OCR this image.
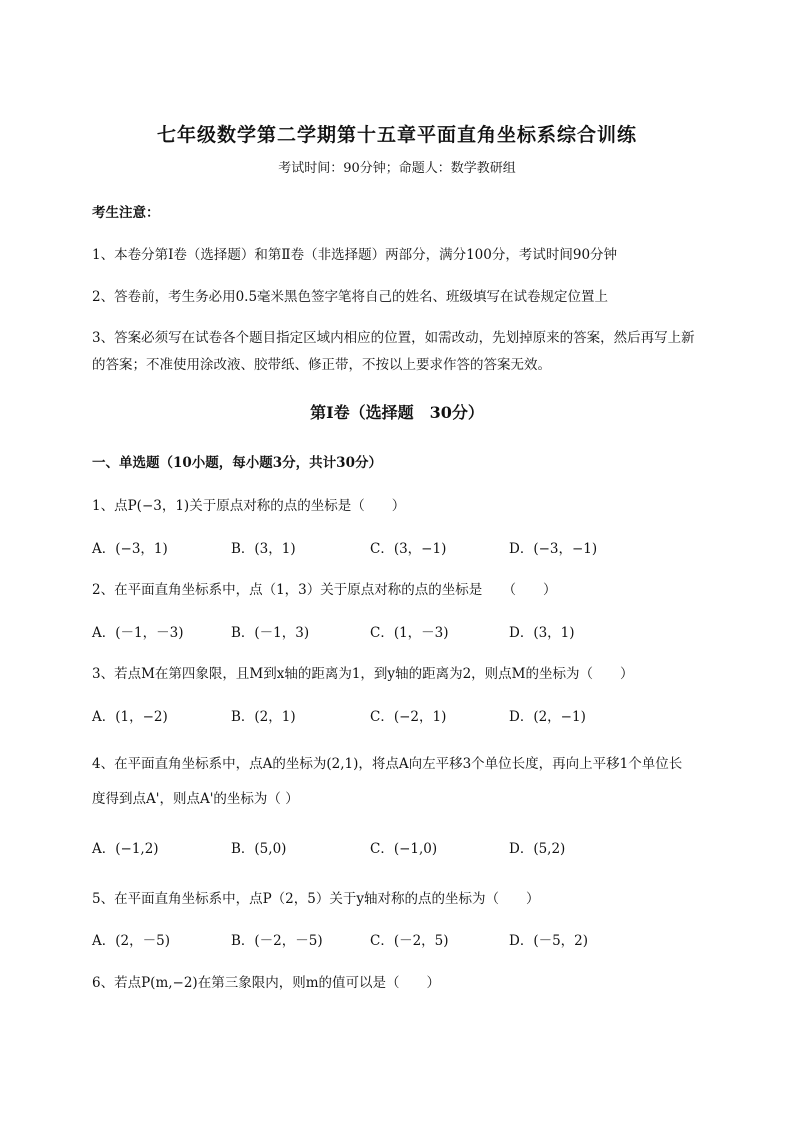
七年级数学第二学期第十五章平面直角坐标系综合训练
考试时间：90分钟；命题人：数学教研组
考生注意：
1、本卷分第I卷（选择题）和第Ⅱ卷（非选择题）两部分，满分100分，考试时间90分钟
2、答卷前，考生务必用0.5毫米黑色签字笔将自己的姓名、班级填写在试卷规定位置上
3、答案必须写在试卷各个题目指定区域内相应的位置，如需改动，先划掉原来的答案，然后再写上新
的答案；不准使用涂改液、胶带纸、修正带，不按以上要求作答的答案无效。
第I卷（选择题　30分）
一、单选题（10小题，每小题3分，共计30分）
1、点P(−3，1)关于原点对称的点的坐标是（　　）
A．(−3，1)	B．(3，1)	C．(3，−1)	D．(−3，−1)
2、在平面直角坐标系中，点（1，3）关于原点对称的点的坐标是　　（　　）
A．(－1，－3)	B．(－1，3)	C．(1，－3)	D．(3，1)
3、若点M在第四象限，且M到x轴的距离为1，到y轴的距离为2，则点M的坐标为（　　）
A．(1，−2)	B．(2，1)	C．(−2，1)	D．(2，−1)
4、在平面直角坐标系中，点A的坐标为(2,1)，将点A向左平移3个单位长度，再向上平移1个单位长
度得到点A'，则点A'的坐标为（ ）
A．(−1,2)	B．(5,0)	C．(−1,0)	D．(5,2)
5、在平面直角坐标系中，点P（2，5）关于y轴对称的点的坐标为（　　）
A．(2，－5)	B．(－2，－5)	C．(－2，5)	D．(－5，2)
6、若点P(m,−2)在第三象限内，则m的值可以是（　　）
